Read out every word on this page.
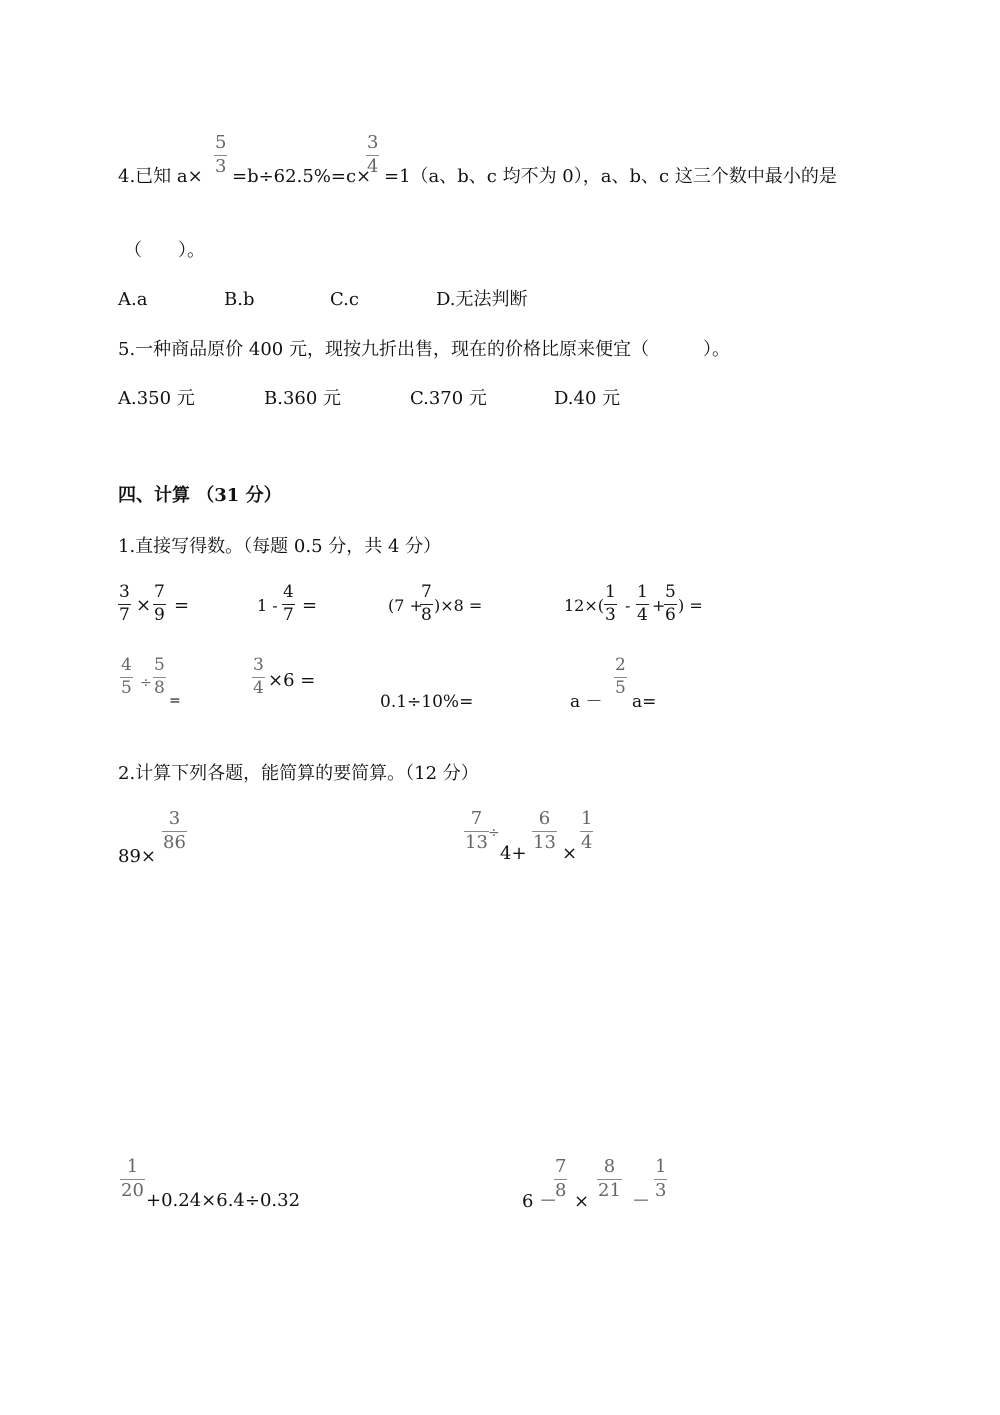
4.已知 $a\times \frac{5}{3} =b\div 62.5\%=c\times$
$\frac{3}{4} =1(a$、b、c 均不为 0），a、b、c 这三个数中最小的是
（　　）。
A.a	B.b	C.c	D.无法判断
5.一种商品原价 400 元，现按九折出售，现在的价格比原来便宜（　　　）。
A.350 元	B.360 元	C.370 元	D.40 元
四、计算 （31 分）
1.直接写得数。（每题 0.5 分，共 4 分）
$\frac{3}{7} \times \frac{7}{9}$ =	$1 - \frac{4}{7}$ =	(7 +
$\frac{7}{8} )\times 8$ =	$12\times( \frac{1}{3} - \frac{1}{4}$ +
$\frac{5}{6}$ ) =
$\frac{4}{5} \div \frac{5}{8}$
=
$\frac{3}{4} \times 6$ =
0.1÷10%=	a －
$\frac{2}{5}$
a=
2.计算下列各题，能简算的要简算。（12 分）
89×
$\frac{3}{86}$	$\frac{7}{13}$ ÷
4+
$\frac{6}{13}$
×
$\frac{1}{4}$
$\frac{1}{20} +0.24\times 6.4\div 0.32$	6 －
$\frac{7}{8}$
×
$\frac{8}{21}$
－
$\frac{1}{3}$
